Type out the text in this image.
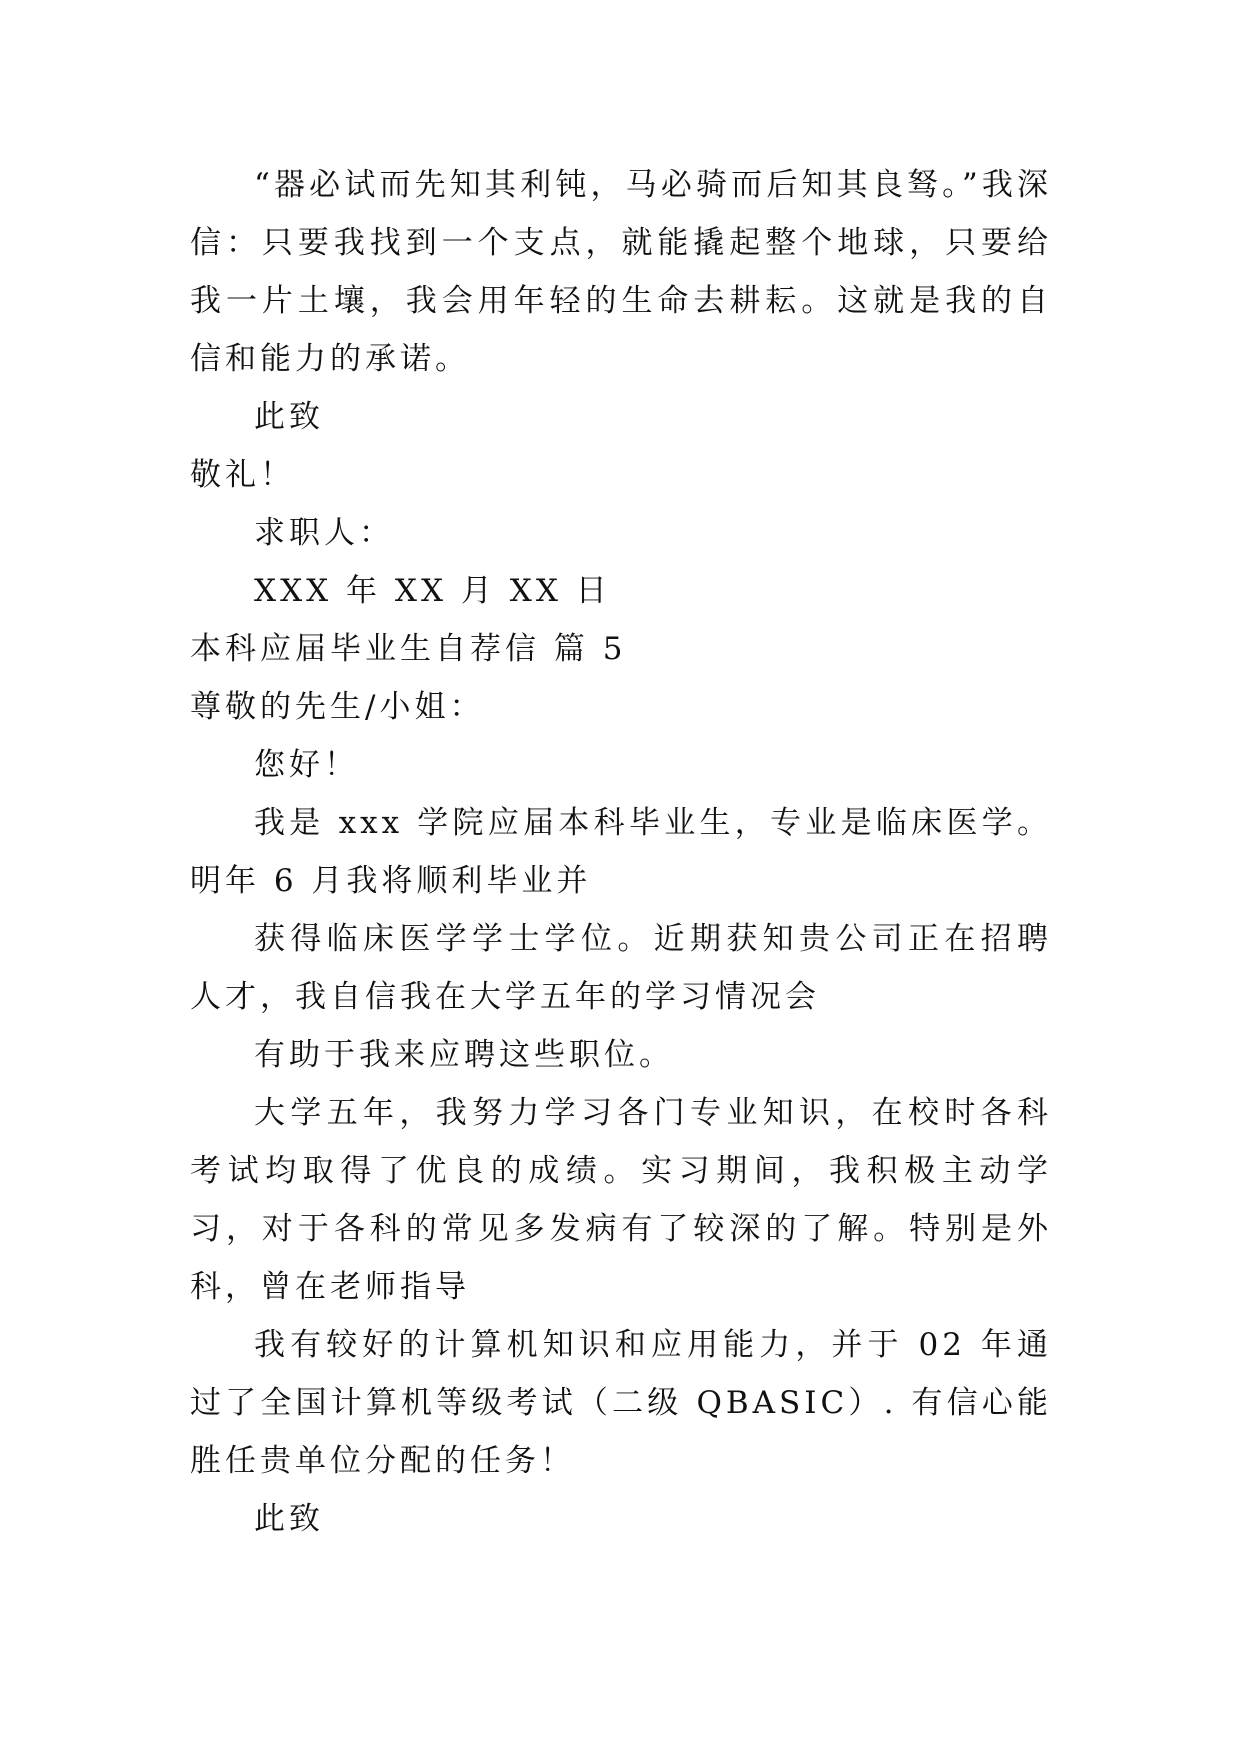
“器必试而先知其利钝，马必骑而后知其良驽。”我深信：只要我找到一个支点，就能撬起整个地球，只要给我一片土壤，我会用年轻的生命去耕耘。这就是我的自信和能力的承诺。

此致

敬礼！

求职人：

XXX 年 XX 月 XX 日

本科应届毕业生自荐信 篇 5

尊敬的先生/小姐：

您好！

我是 xxx 学院应届本科毕业生，专业是临床医学。明年 6 月我将顺利毕业并

获得临床医学学士学位。近期获知贵公司正在招聘人才，我自信我在大学五年的学习情况会

有助于我来应聘这些职位。

大学五年，我努力学习各门专业知识，在校时各科考试均取得了优良的成绩。实习期间，我积极主动学习，对于各科的常见多发病有了较深的了解。特别是外科，曾在老师指导

我有较好的计算机知识和应用能力，并于 02 年通过了全国计算机等级考试（二级 QBASIC）. 有信心能胜任贵单位分配的任务！

此致
